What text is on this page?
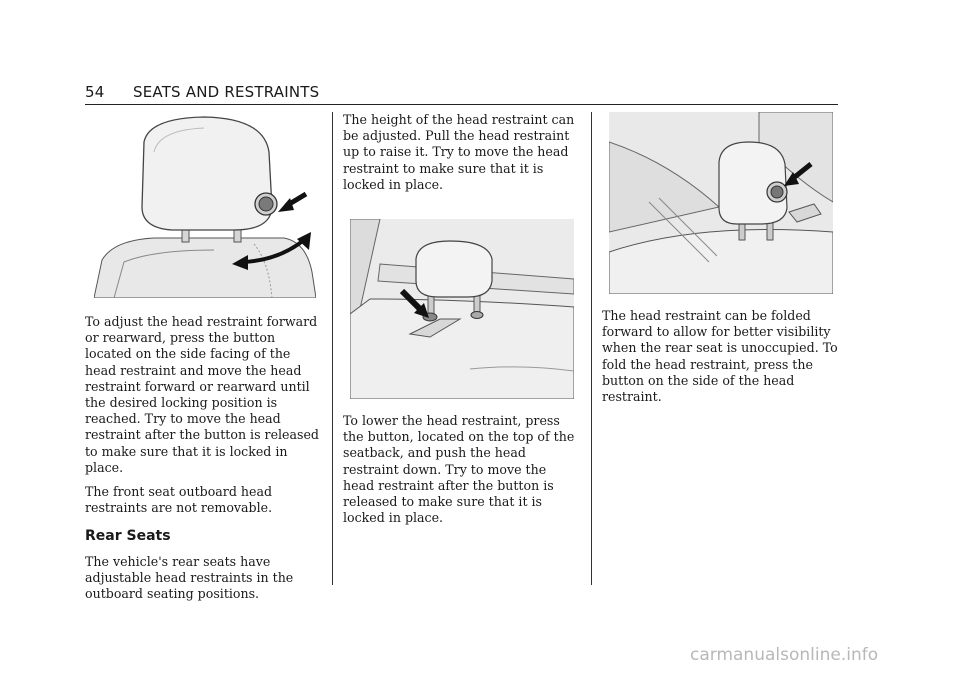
54 SEATS AND RESTRAINTS

To adjust the head restraint forward or rearward, press the button located on the side facing of the head restraint and move the head restraint forward or rearward until the desired locking position is reached. Try to move the head restraint after the button is released to make sure that it is locked in place.

The front seat outboard head restraints are not removable.

Rear Seats

The vehicle's rear seats have adjustable head restraints in the outboard seating positions.

The height of the head restraint can be adjusted. Pull the head restraint up to raise it. Try to move the head restraint to make sure that it is locked in place.

To lower the head restraint, press the button, located on the top of the seatback, and push the head restraint down. Try to move the head restraint after the button is released to make sure that it is locked in place.

The head restraint can be folded forward to allow for better visibility when the rear seat is unoccupied. To fold the head restraint, press the button on the side of the head restraint.

carmanualsonline.info
